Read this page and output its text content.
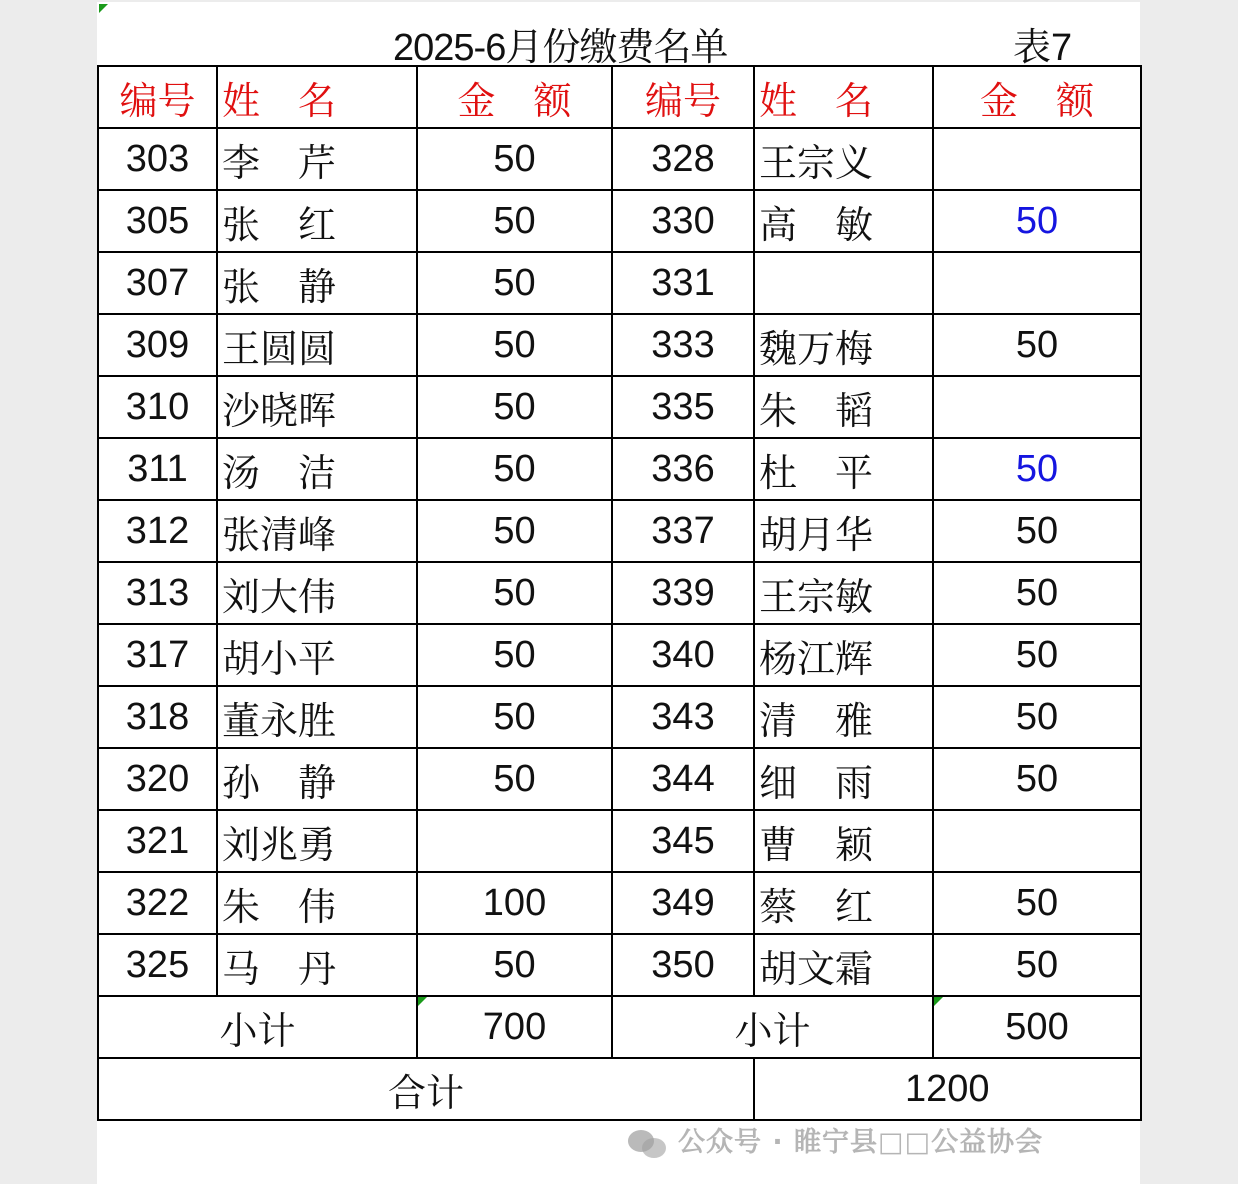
2025-6月份缴费名单	表7
编号	姓　名	金　额	编号	姓　名	金　额
303	李　芹	50	328	王宗义	
305	张　红	50	330	高　敏	50
307	张　静	50	331		
309	王圆圆	50	333	魏万梅	50
310	沙晓晖	50	335	朱　韬	
311	汤　洁	50	336	杜　平	50
312	张清峰	50	337	胡月华	50
313	刘大伟	50	339	王宗敏	50
317	胡小平	50	340	杨江辉	50
318	董永胜	50	343	清　雅	50
320	孙　静	50	344	细　雨	50
321	刘兆勇		345	曹　颖	
322	朱　伟	100	349	蔡　红	50
325	马　丹	50	350	胡文霜	50
小计		700	小计		500
合计				1200	
公众号 · 睢宁县□□公益协会
